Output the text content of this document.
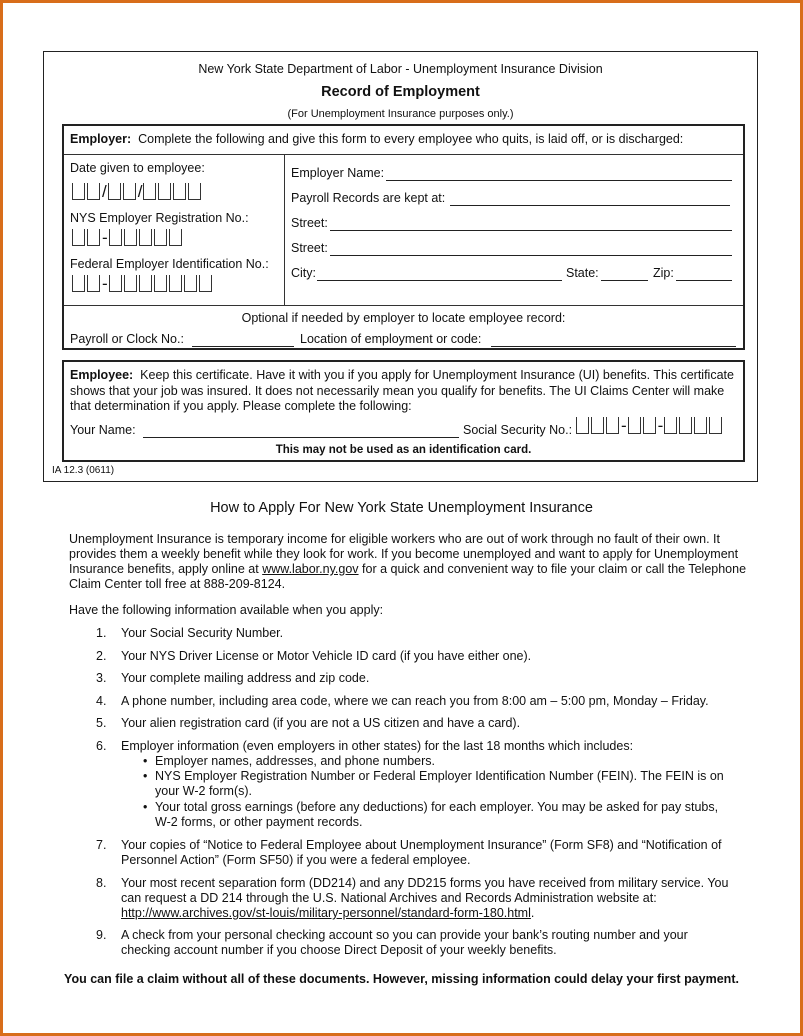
New York State Department of Labor - Unemployment Insurance Division
Record of Employment
(For Unemployment Insurance purposes only.)
Employer: Complete the following and give this form to every employee who quits, is laid off, or is discharged:
Date given to employee:
/ /
NYS Employer Registration No.:
-
Federal Employer Identification No.:
-
Employer Name:
Payroll Records are kept at:
Street:
Street:
City:	State:	Zip:
Optional if needed by employer to locate employee record:
Payroll or Clock No.:	Location of employment or code:
Employee: Keep this certificate. Have it with you if you apply for Unemployment Insurance (UI) benefits. This certificate shows that your job was insured. It does not necessarily mean you qualify for benefits. The UI Claims Center will make that determination if you apply. Please complete the following:
Your Name:	Social Security No.:	- -
This may not be used as an identification card.
IA 12.3 (0611)
How to Apply For New York State Unemployment Insurance
Unemployment Insurance is temporary income for eligible workers who are out of work through no fault of their own. It provides them a weekly benefit while they look for work. If you become unemployed and want to apply for Unemployment Insurance benefits, apply online at www.labor.ny.gov for a quick and convenient way to file your claim or call the Telephone Claim Center toll free at 888-209-8124.
Have the following information available when you apply:
1. Your Social Security Number.
2. Your NYS Driver License or Motor Vehicle ID card (if you have either one).
3. Your complete mailing address and zip code.
4. A phone number, including area code, where we can reach you from 8:00 am – 5:00 pm, Monday – Friday.
5. Your alien registration card (if you are not a US citizen and have a card).
6. Employer information (even employers in other states) for the last 18 months which includes:
• Employer names, addresses, and phone numbers.
• NYS Employer Registration Number or Federal Employer Identification Number (FEIN). The FEIN is on your W-2 form(s).
• Your total gross earnings (before any deductions) for each employer. You may be asked for pay stubs, W-2 forms, or other payment records.
7. Your copies of “Notice to Federal Employee about Unemployment Insurance” (Form SF8) and “Notification of Personnel Action” (Form SF50) if you were a federal employee.
8. Your most recent separation form (DD214) and any DD215 forms you have received from military service. You can request a DD 214 through the U.S. National Archives and Records Administration website at:
http://www.archives.gov/st-louis/military-personnel/standard-form-180.html.
9. A check from your personal checking account so you can provide your bank’s routing number and your checking account number if you choose Direct Deposit of your weekly benefits.
You can file a claim without all of these documents. However, missing information could delay your first payment.
